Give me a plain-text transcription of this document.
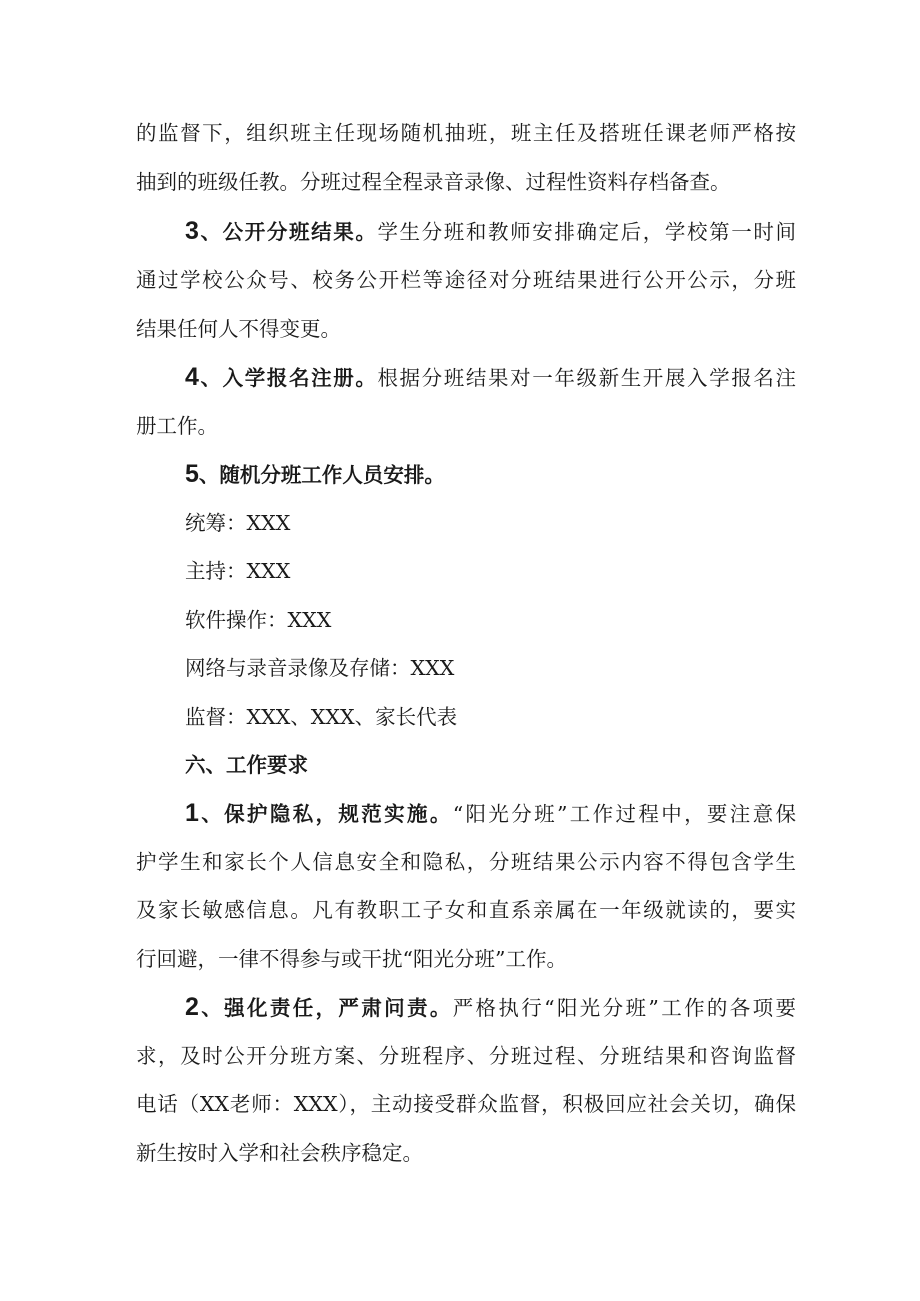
的监督下，组织班主任现场随机抽班，班主任及搭班任课老师严格按
抽到的班级任教。分班过程全程录音录像、过程性资料存档备查。
3、公开分班结果。学生分班和教师安排确定后，学校第一时间
通过学校公众号、校务公开栏等途径对分班结果进行公开公示，分班
结果任何人不得变更。
4、入学报名注册。根据分班结果对一年级新生开展入学报名注
册工作。
5、随机分班工作人员安排。
统筹：XXX
主持：XXX
软件操作：XXX
网络与录音录像及存储：XXX
监督：XXX、XXX、家长代表
六、工作要求
1、保护隐私，规范实施。“阳光分班”工作过程中，要注意保
护学生和家长个人信息安全和隐私，分班结果公示内容不得包含学生
及家长敏感信息。凡有教职工子女和直系亲属在一年级就读的，要实
行回避，一律不得参与或干扰“阳光分班”工作。
2、强化责任，严肃问责。严格执行“阳光分班”工作的各项要
求，及时公开分班方案、分班程序、分班过程、分班结果和咨询监督
电话（XX老师：XXX），主动接受群众监督，积极回应社会关切，确保
新生按时入学和社会秩序稳定。
